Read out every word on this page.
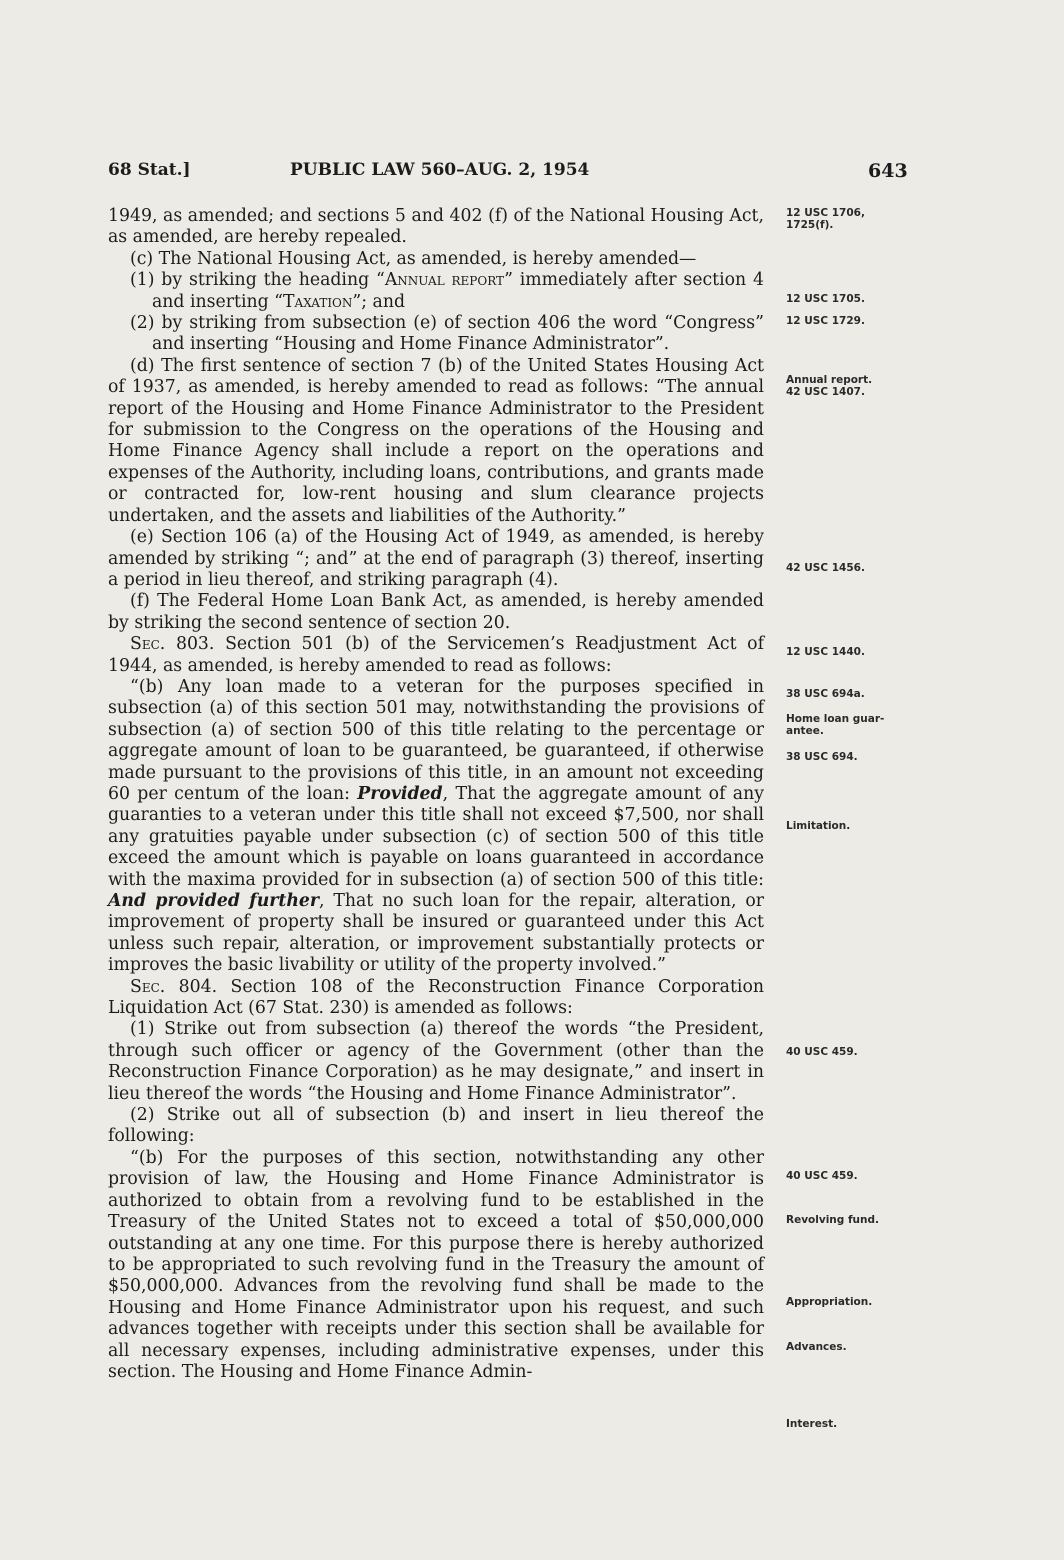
68 Stat.]	PUBLIC LAW 560–AUG. 2, 1954	643

1949, as amended; and sections 5 and 402 (f) of the National Housing Act, as amended, are hereby repealed.

(c) The National Housing Act, as amended, is hereby amended—

(1) by striking the heading “Annual report” immediately after section 4 and inserting “Taxation”; and

(2) by striking from subsection (e) of section 406 the word “Congress” and inserting “Housing and Home Finance Administrator”.

(d) The first sentence of section 7 (b) of the United States Housing Act of 1937, as amended, is hereby amended to read as follows: “The annual report of the Housing and Home Finance Administrator to the President for submission to the Congress on the operations of the Housing and Home Finance Agency shall include a report on the operations and expenses of the Authority, including loans, contributions, and grants made or contracted for, low-rent housing and slum clearance projects undertaken, and the assets and liabilities of the Authority.”

(e) Section 106 (a) of the Housing Act of 1949, as amended, is hereby amended by striking “; and” at the end of paragraph (3) thereof, inserting a period in lieu thereof, and striking paragraph (4).

(f) The Federal Home Loan Bank Act, as amended, is hereby amended by striking the second sentence of section 20.

Sec. 803. Section 501 (b) of the Servicemen’s Readjustment Act of 1944, as amended, is hereby amended to read as follows:

“(b) Any loan made to a veteran for the purposes specified in subsection (a) of this section 501 may, notwithstanding the provisions of subsection (a) of section 500 of this title relating to the percentage or aggregate amount of loan to be guaranteed, be guaranteed, if otherwise made pursuant to the provisions of this title, in an amount not exceeding 60 per centum of the loan: Provided, That the aggregate amount of any guaranties to a veteran under this title shall not exceed $7,500, nor shall any gratuities payable under subsection (c) of section 500 of this title exceed the amount which is payable on loans guaranteed in accordance with the maxima provided for in subsection (a) of section 500 of this title: And provided further, That no such loan for the repair, alteration, or improvement of property shall be insured or guaranteed under this Act unless such repair, alteration, or improvement substantially protects or improves the basic livability or utility of the property involved.”

Sec. 804. Section 108 of the Reconstruction Finance Corporation Liquidation Act (67 Stat. 230) is amended as follows:

(1) Strike out from subsection (a) thereof the words “the President, through such officer or agency of the Government (other than the Reconstruction Finance Corporation) as he may designate,” and insert in lieu thereof the words “the Housing and Home Finance Administrator”.

(2) Strike out all of subsection (b) and insert in lieu thereof the following:

“(b) For the purposes of this section, notwithstanding any other provision of law, the Housing and Home Finance Administrator is authorized to obtain from a revolving fund to be established in the Treasury of the United States not to exceed a total of $50,000,000 outstanding at any one time. For this purpose there is hereby authorized to be appropriated to such revolving fund in the Treasury the amount of $50,000,000. Advances from the revolving fund shall be made to the Housing and Home Finance Administrator upon his request, and such advances together with receipts under this section shall be available for all necessary expenses, including administrative expenses, under this section. The Housing and Home Finance Admin-

12 USC 1706,
1725(f).
12 USC 1705.
12 USC 1729.
Annual report.
42 USC 1407.
42 USC 1456.
12 USC 1440.
38 USC 694a.
Home loan guar-
antee.
38 USC 694.
Limitation.
40 USC 459.
40 USC 459.
Revolving fund.
Appropriation.
Advances.
Interest.
